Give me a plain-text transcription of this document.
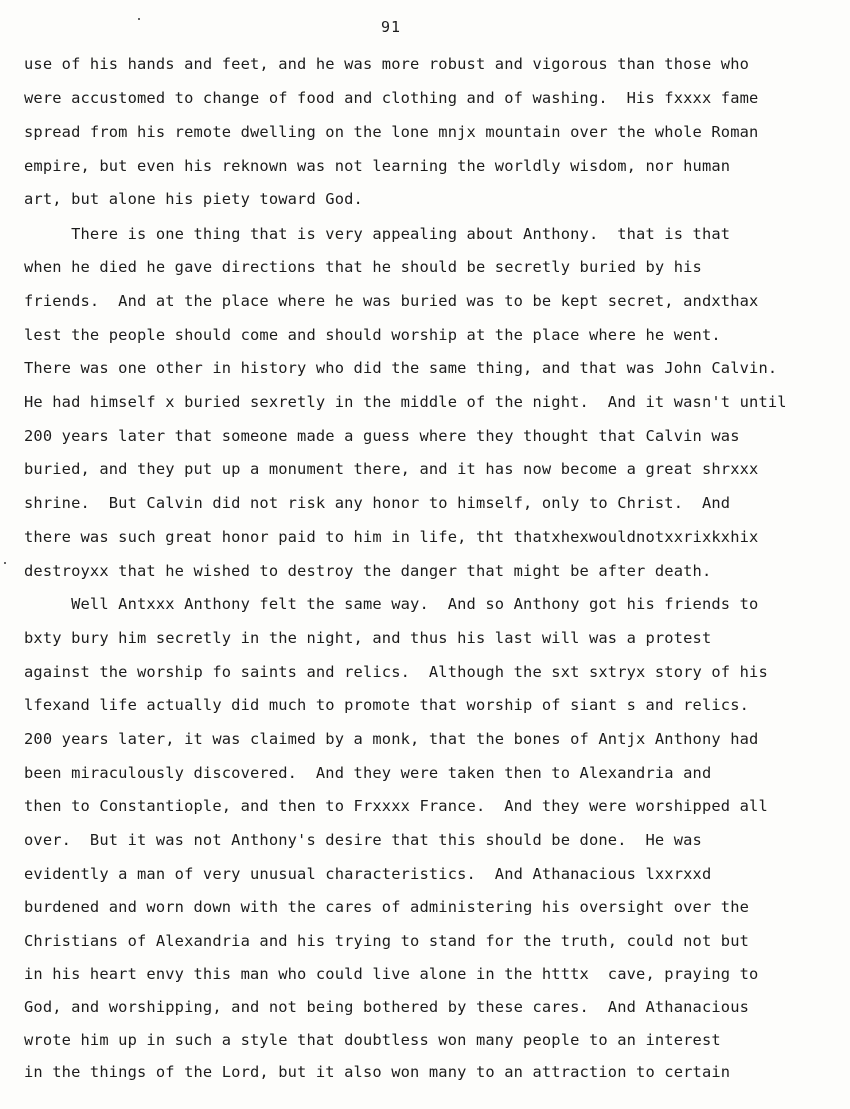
91
use of his hands and feet, and he was more robust and vigorous than those who
were accustomed to change of food and clothing and of washing.  His fxxxx fame
spread from his remote dwelling on the lone mnjx mountain over the whole Roman
empire, but even his reknown was not learning the worldly wisdom, nor human
art, but alone his piety toward God.
There is one thing that is very appealing about Anthony.  that is that
when he died he gave directions that he should be secretly buried by his
friends.  And at the place where he was buried was to be kept secret, andxthax
lest the people should come and should worship at the place where he went.
There was one other in history who did the same thing, and that was John Calvin.
He had himself x buried sexretly in the middle of the night.  And it wasn't until
200 years later that someone made a guess where they thought that Calvin was
buried, and they put up a monument there, and it has now become a great shrxxx
shrine.  But Calvin did not risk any honor to himself, only to Christ.  And
there was such great honor paid to him in life, tht thatxhexwouldnotxxrixkxhix
destroyxx that he wished to destroy the danger that might be after death.
Well Antxxx Anthony felt the same way.  And so Anthony got his friends to
bxty bury him secretly in the night, and thus his last will was a protest
against the worship fo saints and relics.  Although the sxt sxtryx story of his
lfexand life actually did much to promote that worship of siant s and relics.
200 years later, it was claimed by a monk, that the bones of Antjx Anthony had
been miraculously discovered.  And they were taken then to Alexandria and
then to Constantiople, and then to Frxxxx France.  And they were worshipped all
over.  But it was not Anthony's desire that this should be done.  He was
evidently a man of very unusual characteristics.  And Athanacious lxxrxxd
burdened and worn down with the cares of administering his oversight over the
Christians of Alexandria and his trying to stand for the truth, could not but
in his heart envy this man who could live alone in the htttx  cave, praying to
God, and worshipping, and not being bothered by these cares.  And Athanacious
wrote him up in such a style that doubtless won many people to an interest
in the things of the Lord, but it also won many to an attraction to certain
